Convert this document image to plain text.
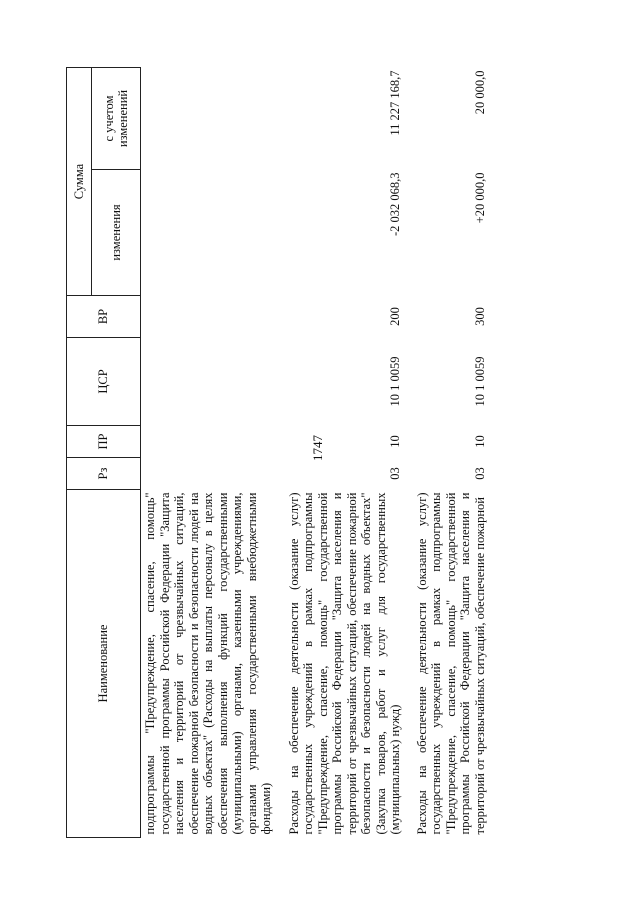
1747
Наименование	Рз	ПР	ЦСР	ВР	Сумма	
					изменения	с учетом изменений
подпрограммы "Предупреждение, спасение, помощь" государственной программы Российской Федерации "Защита населения и территорий от чрезвычайных ситуаций, обеспечение пожарной безопасности и безопасности людей на водных объектах" (Расходы на выплаты персоналу в целях обеспечения выполнения функций государственными (муниципальными) органами, казенными учреждениями, органами управления государственными внебюджетными фондами)						
Расходы на обеспечение деятельности (оказание услуг) государственных учреждений в рамках подпрограммы "Предупреждение, спасение, помощь" государственной программы Российской Федерации "Защита населения и территорий от чрезвычайных ситуаций, обеспечение пожарной безопасности и безопасности людей на водных объектах" (Закупка товаров, работ и услуг для государственных (муниципальных) нужд)	03	10	10 1 0059	200	-2 032 068,3	11 227 168,7
Расходы на обеспечение деятельности (оказание услуг) государственных учреждений в рамках подпрограммы "Предупреждение, спасение, помощь" государственной программы Российской Федерации "Защита населения и территорий от чрезвычайных ситуаций, обеспечение пожарной	03	10	10 1 0059	300	+20 000,0	20 000,0
